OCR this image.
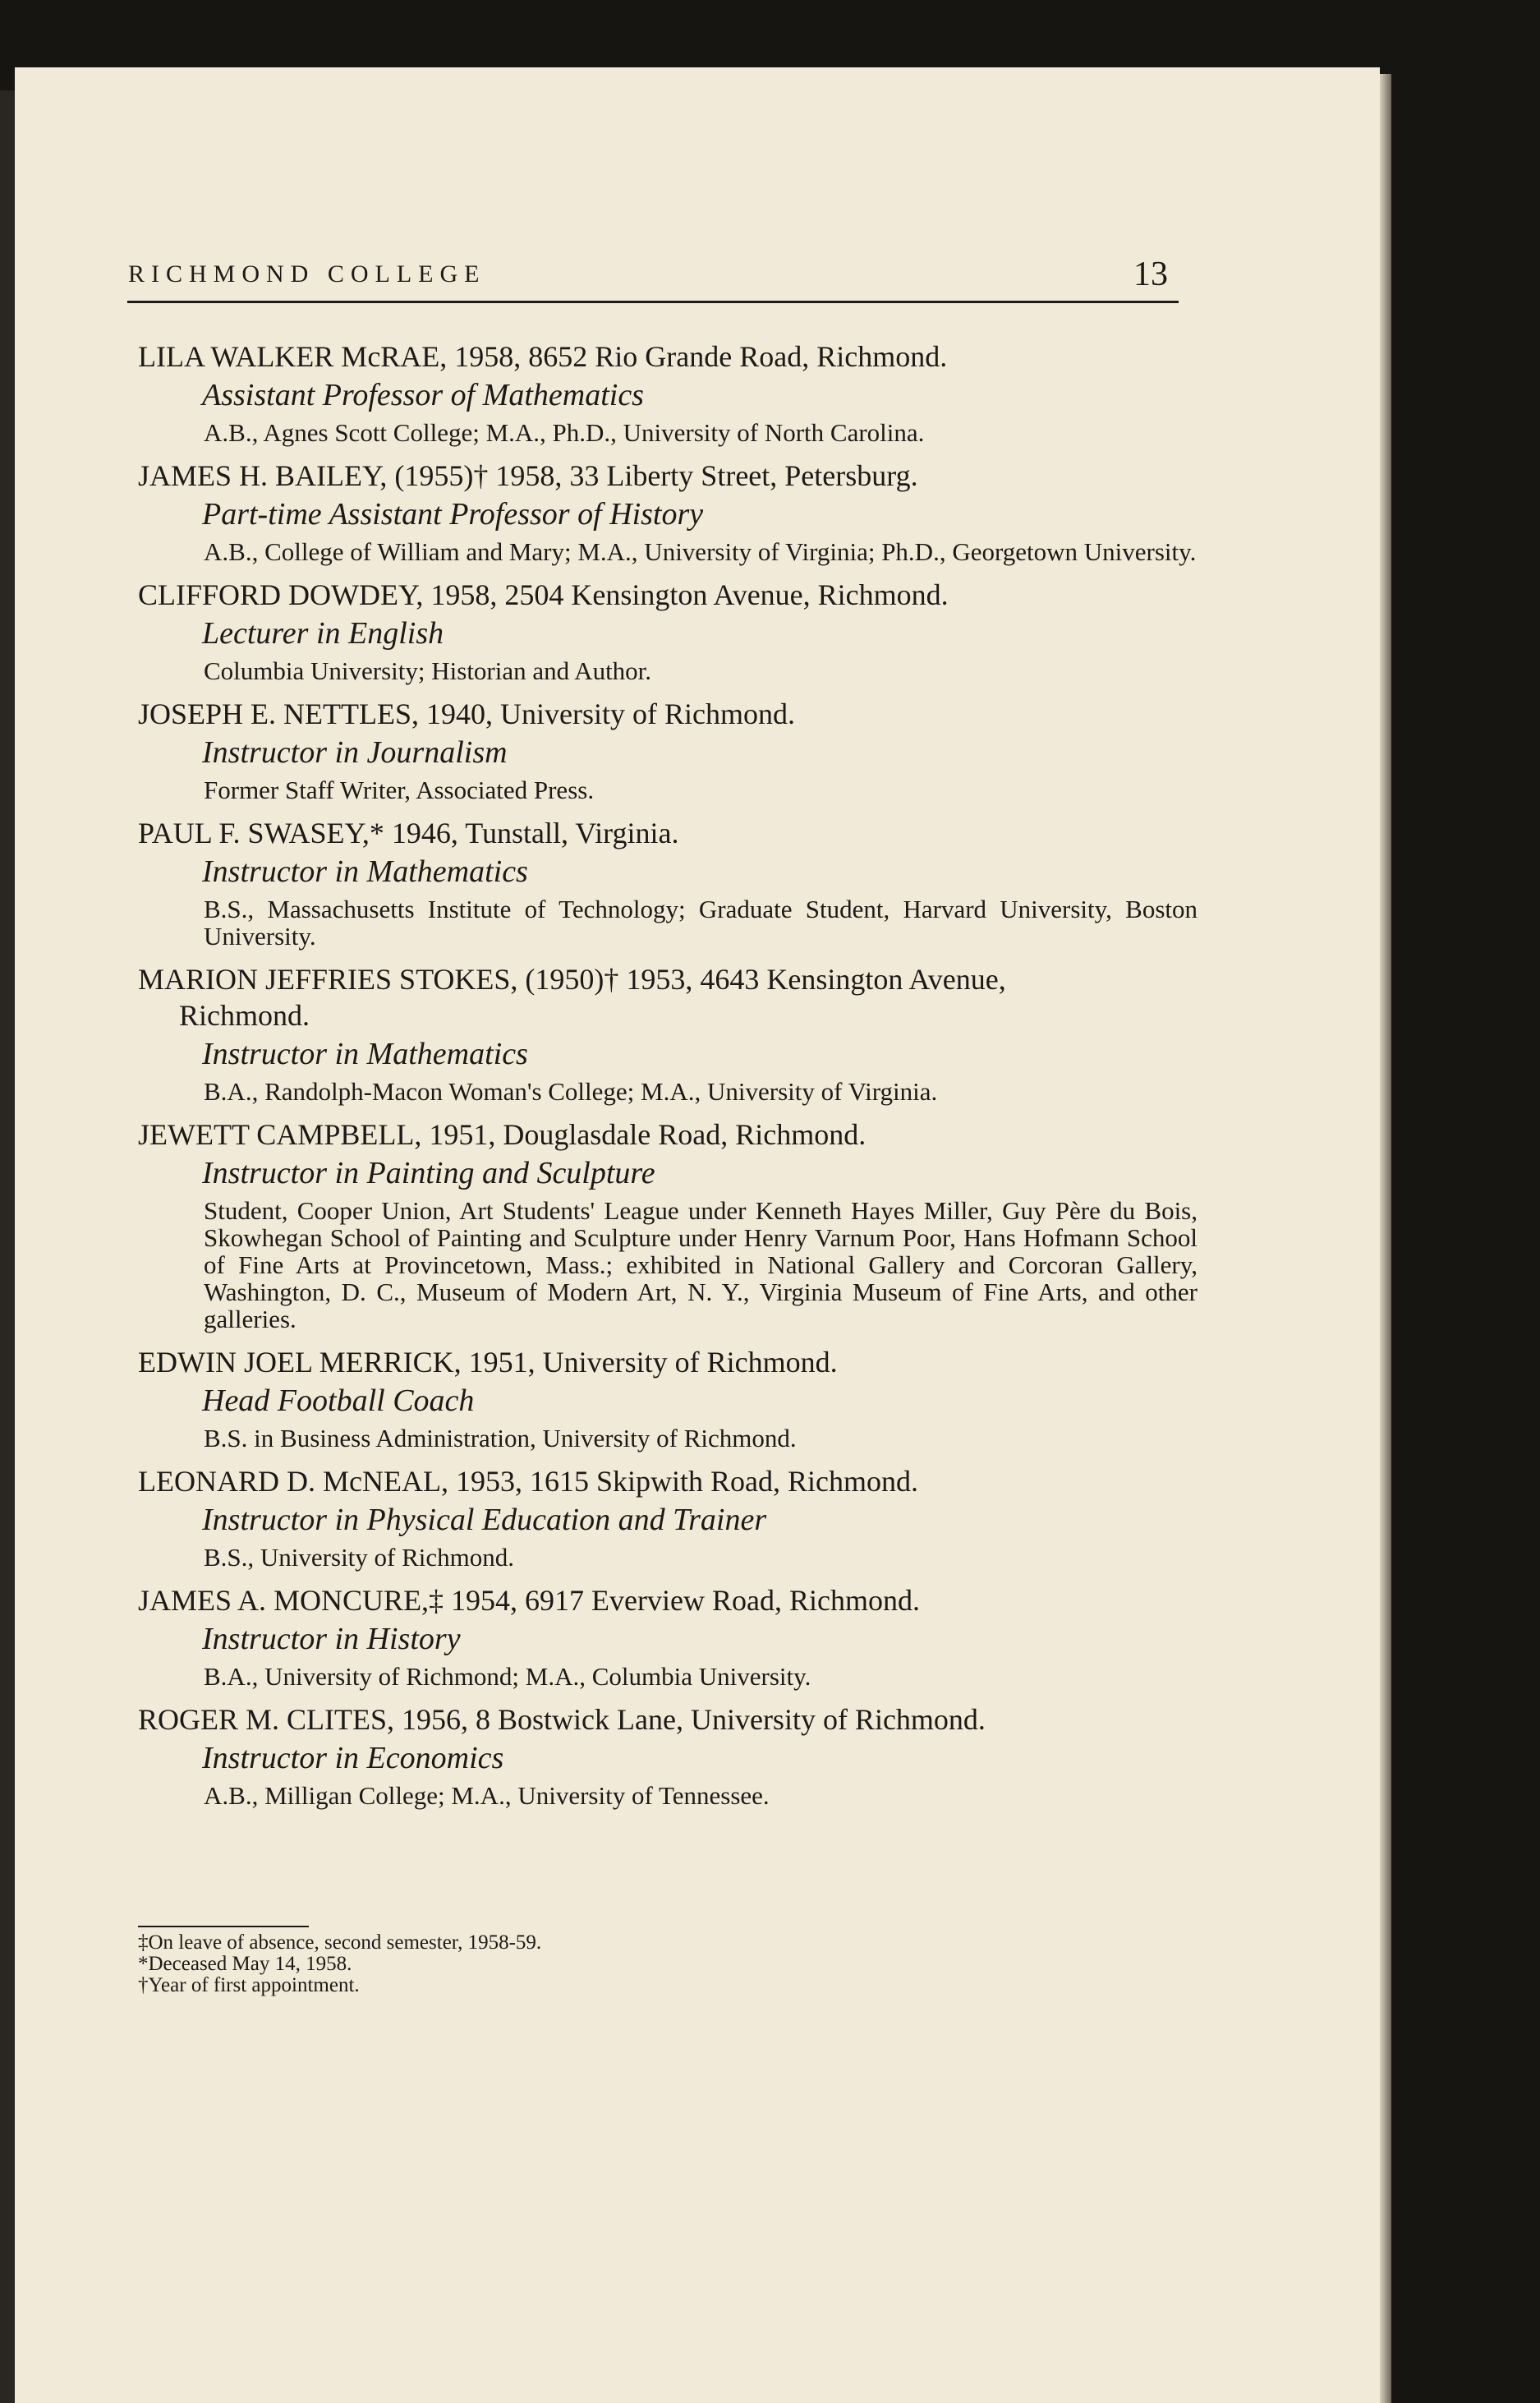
RICHMOND COLLEGE	13
LILA WALKER McRAE, 1958, 8652 Rio Grande Road, Richmond.
Assistant Professor of Mathematics
A.B., Agnes Scott College; M.A., Ph.D., University of North Carolina.
JAMES H. BAILEY, (1955)† 1958, 33 Liberty Street, Petersburg.
Part-time Assistant Professor of History
A.B., College of William and Mary; M.A., University of Virginia; Ph.D., Georgetown University.
CLIFFORD DOWDEY, 1958, 2504 Kensington Avenue, Richmond.
Lecturer in English
Columbia University; Historian and Author.
JOSEPH E. NETTLES, 1940, University of Richmond.
Instructor in Journalism
Former Staff Writer, Associated Press.
PAUL F. SWASEY,* 1946, Tunstall, Virginia.
Instructor in Mathematics
B.S., Massachusetts Institute of Technology; Graduate Student, Harvard University, Boston University.
MARION JEFFRIES STOKES, (1950)† 1953, 4643 Kensington Avenue,
Richmond.
Instructor in Mathematics
B.A., Randolph-Macon Woman's College; M.A., University of Virginia.
JEWETT CAMPBELL, 1951, Douglasdale Road, Richmond.
Instructor in Painting and Sculpture
Student, Cooper Union, Art Students' League under Kenneth Hayes Miller, Guy Père du Bois, Skowhegan School of Painting and Sculpture under Henry Varnum Poor, Hans Hofmann School of Fine Arts at Provincetown, Mass.; exhibited in National Gallery and Corcoran Gallery, Washington, D. C., Museum of Modern Art, N. Y., Virginia Museum of Fine Arts, and other galleries.
EDWIN JOEL MERRICK, 1951, University of Richmond.
Head Football Coach
B.S. in Business Administration, University of Richmond.
LEONARD D. McNEAL, 1953, 1615 Skipwith Road, Richmond.
Instructor in Physical Education and Trainer
B.S., University of Richmond.
JAMES A. MONCURE,‡ 1954, 6917 Everview Road, Richmond.
Instructor in History
B.A., University of Richmond; M.A., Columbia University.
ROGER M. CLITES, 1956, 8 Bostwick Lane, University of Richmond.
Instructor in Economics
A.B., Milligan College; M.A., University of Tennessee.
‡On leave of absence, second semester, 1958-59.
*Deceased May 14, 1958.
†Year of first appointment.
